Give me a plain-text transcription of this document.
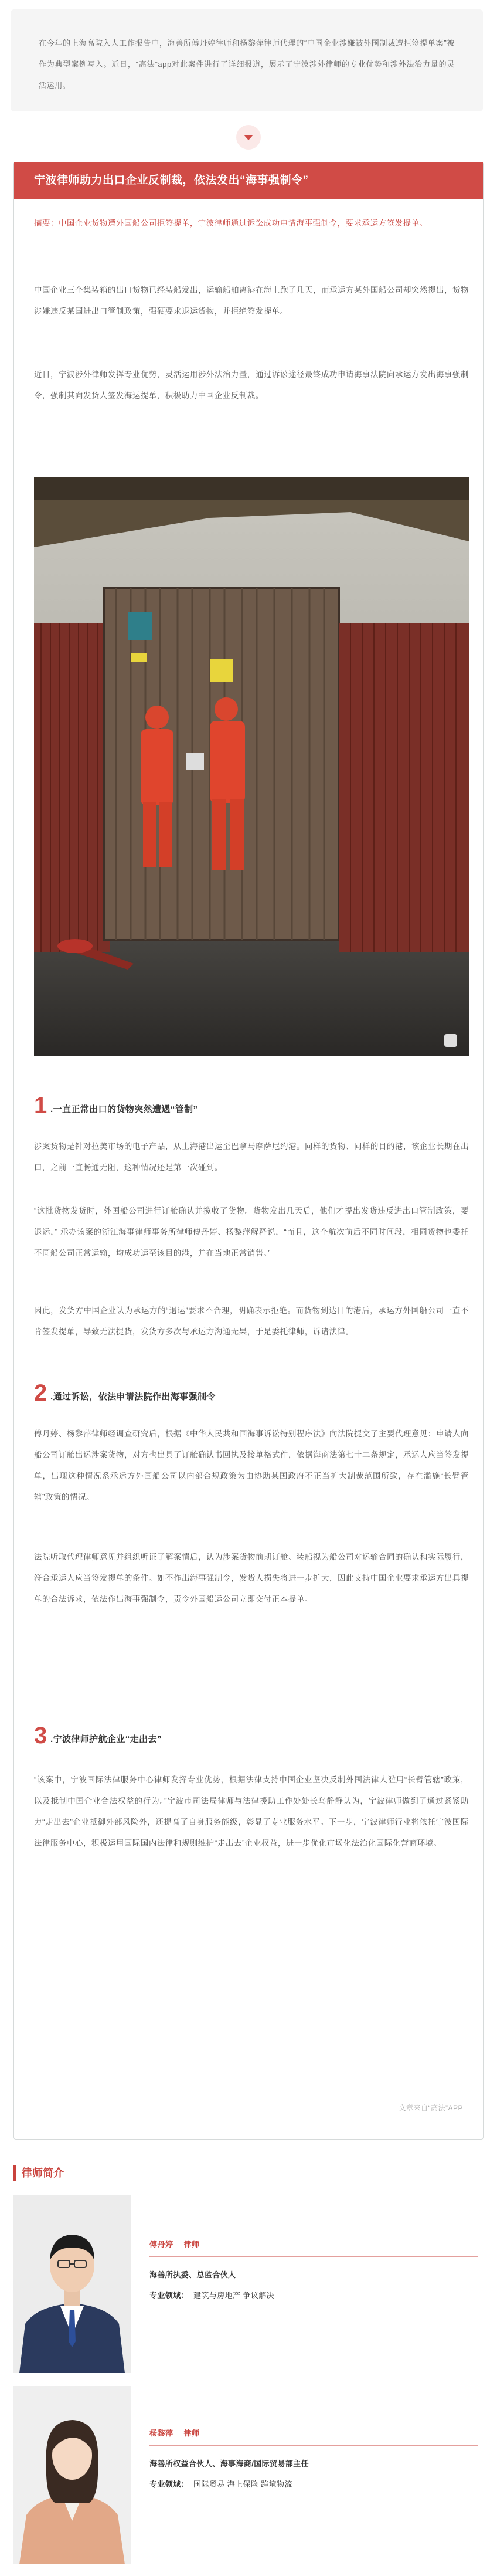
在今年的上海高院入人工作报告中，海善所傅丹婷律师和杨黎萍律师代理的“中国企业涉嫌被外国制裁遭拒签提单案”被作为典型案例写入。近日，“高法”app对此案件进行了详细报道，展示了宁波涉外律师的专业优势和涉外法治力量的灵活运用。

宁波律师助力出口企业反制裁，依法发出“海事强制令”

摘要：中国企业货物遭外国船公司拒签提单，宁波律师通过诉讼成功申请海事强制令，要求承运方签发提单。

中国企业三个集装箱的出口货物已经装船发出，运输船舶离港在海上跑了几天，而承运方某外国船公司却突然提出，货物涉嫌违反某国进出口管制政策，强硬要求退运货物，并拒绝签发提单。

近日，宁波涉外律师发挥专业优势，灵活运用涉外法治力量，通过诉讼途径最终成功申请海事法院向承运方发出海事强制令，强制其向发货人签发海运提单，积极助力中国企业反制裁。

1 .一直正常出口的货物突然遭遇“管制”

涉案货物是针对拉美市场的电子产品，从上海港出运至巴拿马摩萨尼约港。同样的货物、同样的目的港，该企业长期在出口，之前一直畅通无阻，这种情况还是第一次碰到。

“这批货物发货时，外国船公司进行订舱确认并揽收了货物。货物发出几天后，他们才提出发货违反进出口管制政策，要退运，” 承办该案的浙江海事律师事务所律师傅丹婷、杨黎萍解释说，“而且，这个航次前后不同时间段，相同货物也委托不同船公司正常运输，均成功运至该目的港，并在当地正常销售。”

因此，发货方中国企业认为承运方的“退运”要求不合理，明确表示拒绝。而货物到达目的港后，承运方外国船公司一直不肯签发提单，导致无法提货，发货方多次与承运方沟通无果，于是委托律师，诉诸法律。

2 .通过诉讼，依法申请法院作出海事强制令

傅丹婷、杨黎萍律师经调查研究后，根据《中华人民共和国海事诉讼特别程序法》向法院提交了主要代理意见：申请人向船公司订舱出运涉案货物，对方也出具了订舱确认书回执及接单格式件，依据海商法第七十二条规定，承运人应当签发提单，出现这种情况系承运方外国船公司以内部合规政策为由协助某国政府不正当扩大制裁范围所致，存在滥施“长臂管辖”政策的情况。

法院听取代理律师意见并组织听证了解案情后，认为涉案货物前期订舱、装船视为船公司对运输合同的确认和实际履行，符合承运人应当签发提单的条件。如不作出海事强制令，发货人损失将进一步扩大，因此支持中国企业要求承运方出具提单的合法诉求，依法作出海事强制令，责令外国船运公司立即交付正本提单。

3 .宁波律师护航企业“走出去”

“该案中，宁波国际法律服务中心律师发挥专业优势，根据法律支持中国企业坚决反制外国法律人滥用“长臂管辖”政策，以及抵制中国企业合法权益的行为。”宁波市司法局律师与法律援助工作处处长乌静静认为，宁波律师做到了通过紧紧助力“走出去”企业抵御外部风险外，还提高了自身服务能级，彰显了专业服务水平。下一步，宁波律师行业将依托宁波国际法律服务中心，积极运用国际国内法律和规则维护“走出去”企业权益，进一步优化市场化法治化国际化营商环境。

文章来自“高法”APP
律师简介
傅丹婷 律师
海善所执委、总监合伙人
专业领域： 建筑与房地产 争议解决
杨黎萍 律师
海善所权益合伙人、海事海商/国际贸易部主任
专业领域： 国际贸易 海上保险 跨境物流
